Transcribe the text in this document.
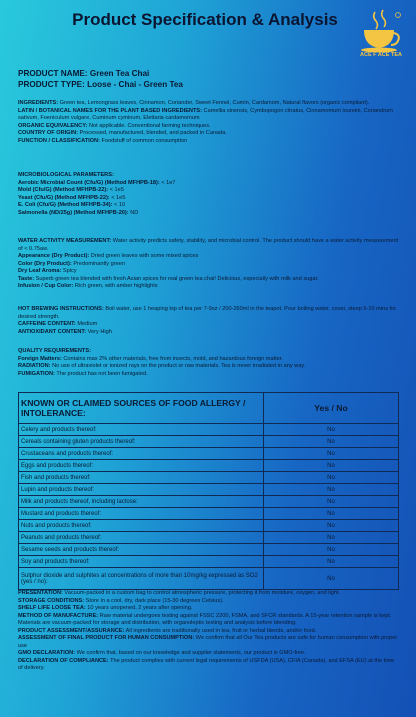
Product Specification & Analysis
ACE F ACE TEA
PRODUCT NAME: Green Tea Chai
PRODUCT TYPE: Loose - Chai - Green Tea
INGREDIENTS: Green tea, Lemongrass leaves, Cinnamon, Coriander, Sweet Fennel, Cumin, Cardamom, Natural flavors (organic compliant).
LATIN / BOTANICAL NAMES FOR THE PLANT BASED INGREDIENTS: Camellia sinensis, Cymbopogon citratus, Cinnamomum loureirii, Coriandrum sativum, Foeniculum vulgare, Cuminum cyminum, Elettaria cardamomum
ORGANIC EQUIVALENCY: Not applicable. Conventional farming techniques.
COUNTRY OF ORIGIN: Processed, manufactured, blended, and packed in Canada.
FUNCTION / CLASSIFICATION: Foodstuff of common consumption
MICROBIOLOGICAL PARAMETERS:
Aerobic Microbial Count (Cfu/G) (Method MFHPB-18): < 1e7
Mold (Cfu/G) (Method MFHPB-22): < 1e5
Yeast (Cfu/G) (Method MFHPB-22): < 1e5
E. Coli (Cfu/G) (Method MFHPB-34): < 10
Salmonella (ND/25g) (Method MFHPB-20): ND
WATER ACTIVITY MEASUREMENT: Water activity predicts safety, stability, and microbial control. The product should have a water activity measurement of < 0.75aw.
Appearance (Dry Product): Dried green leaves with some mixed spices
Color (Dry Product): Predominantly green
Dry Leaf Aroma: Spicy
Taste: Superb green tea blended with fresh Asian spices for real green tea chai! Delicious, especially with milk and sugar.
Infusion / Cup Color: Rich green, with amber highlights
HOT BREWING INSTRUCTIONS: Boil water, use 1 heaping tsp of tea per 7-9oz / 200-260ml in the teapot. Pour boiling water, cover, steep 5-10 mins for desired strength.
CAFFEINE CONTENT: Medium
ANTIOXIDANT CONTENT: Very High
QUALITY REQUIREMENTS:
Foreign Matters: Contains max 2% other materials, free from insects, mold, and hazardous foreign matter.
RADIATION: No use of ultraviolet or ionized rays on the product or raw materials. Tea is never irradiated in any way.
FUMIGATION: The product has not been fumigated.
KNOWN OR CLAIMED SOURCES OF FOOD ALLERGY / INTOLERANCE:	Yes / No
Celery and products thereof:	No
Cereals containing gluten products thereof:	No
Crustaceans and products thereof:	No
Eggs and products thereof:	No
Fish and products thereof:	No
Lupin and products thereof:	No
Milk and products thereof, including lactose:	No
Mustard and products thereof:	No
Nuts and products thereof:	No
Peanuts and products thereof:	No
Sesame seeds and products thereof:	No
Soy and products thereof:	No
Sulphur dioxide and sulphites at concentrations of more than 10mg/kg expressed as SO2 (yes / no):	No
PRESENTATION: Vacuum-packed in a custom bag to control atmospheric pressure, protecting it from moisture, oxygen, and light.
STORAGE CONDITIONS: Store in a cool, dry, dark place (15-30 degrees Celsius).
SHELF LIFE LOOSE TEA: 10 years unopened, 2 years after opening.
METHOD OF MANUFACTURE: Raw material undergoes testing against FSSC 2200, FSMA, and SFCR standards. A 15-year retention sample is kept. Materials are vacuum-packed for storage and distribution, with organoleptic testing and analysis before blending.
PRODUCT ASSESSMENT/ASSURANCE: All ingredients are traditionally used in tea, fruit or herbal blends, and/or food.
ASSESSMENT OF FINAL PRODUCT FOR HUMAN CONSUMPTION: We confirm that all Our Tea products are safe for human consumption with proper use
GMO DECLARATION: We confirm that, based on our knowledge and supplier statements, our product is GMO-free.
DECLARATION OF COMPLIANCE: The product complies with current legal requirements of USFDA (USA), CFIA (Canada), and EFSA (EU) at the time of delivery.
